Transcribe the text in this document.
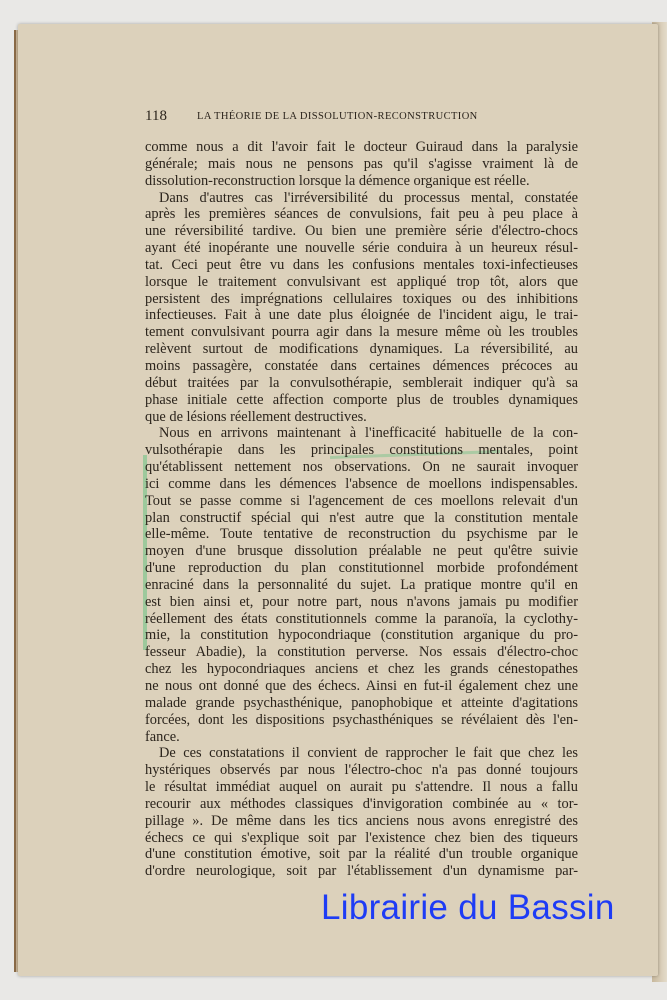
118	LA THÉORIE DE LA DISSOLUTION-RECONSTRUCTION
comme nous a dit l'avoir fait le docteur Guiraud dans la paralysie
générale; mais nous ne pensons pas qu'il s'agisse vraiment là de
dissolution-reconstruction lorsque la démence organique est réelle.
Dans d'autres cas l'irréversibilité du processus mental, constatée
après les premières séances de convulsions, fait peu à peu place à
une réversibilité tardive. Ou bien une première série d'électro-chocs
ayant été inopérante une nouvelle série conduira à un heureux résul-
tat. Ceci peut être vu dans les confusions mentales toxi-infectieuses
lorsque le traitement convulsivant est appliqué trop tôt, alors que
persistent des imprégnations cellulaires toxiques ou des inhibitions
infectieuses. Fait à une date plus éloignée de l'incident aigu, le trai-
tement convulsivant pourra agir dans la mesure même où les troubles
relèvent surtout de modifications dynamiques. La réversibilité, au
moins passagère, constatée dans certaines démences précoces au
début traitées par la convulsothérapie, semblerait indiquer qu'à sa
phase initiale cette affection comporte plus de troubles dynamiques
que de lésions réellement destructives.
Nous en arrivons maintenant à l'inefficacité habituelle de la con-
vulsothérapie dans les principales constitutions mentales, point
qu'établissent nettement nos observations. On ne saurait invoquer
ici comme dans les démences l'absence de moellons indispensables.
Tout se passe comme si l'agencement de ces moellons relevait d'un
plan constructif spécial qui n'est autre que la constitution mentale
elle-même. Toute tentative de reconstruction du psychisme par le
moyen d'une brusque dissolution préalable ne peut qu'être suivie
d'une reproduction du plan constitutionnel morbide profondément
enraciné dans la personnalité du sujet. La pratique montre qu'il en
est bien ainsi et, pour notre part, nous n'avons jamais pu modifier
réellement des états constitutionnels comme la paranoïa, la cyclothy-
mie, la constitution hypocondriaque (constitution arganique du pro-
fesseur Abadie), la constitution perverse. Nos essais d'électro-choc
chez les hypocondriaques anciens et chez les grands cénestopathes
ne nous ont donné que des échecs. Ainsi en fut-il également chez une
malade grande psychasthénique, panophobique et atteinte d'agitations
forcées, dont les dispositions psychasthéniques se révélaient dès l'en-
fance.
De ces constatations il convient de rapprocher le fait que chez les
hystériques observés par nous l'électro-choc n'a pas donné toujours
le résultat immédiat auquel on aurait pu s'attendre. Il nous a fallu
recourir aux méthodes classiques d'invigoration combinée au « tor-
pillage ». De même dans les tics anciens nous avons enregistré des
échecs ce qui s'explique soit par l'existence chez bien des tiqueurs
d'une constitution émotive, soit par la réalité d'un trouble organique
d'ordre neurologique, soit par l'établissement d'un dynamisme par-
Librairie du Bassin
